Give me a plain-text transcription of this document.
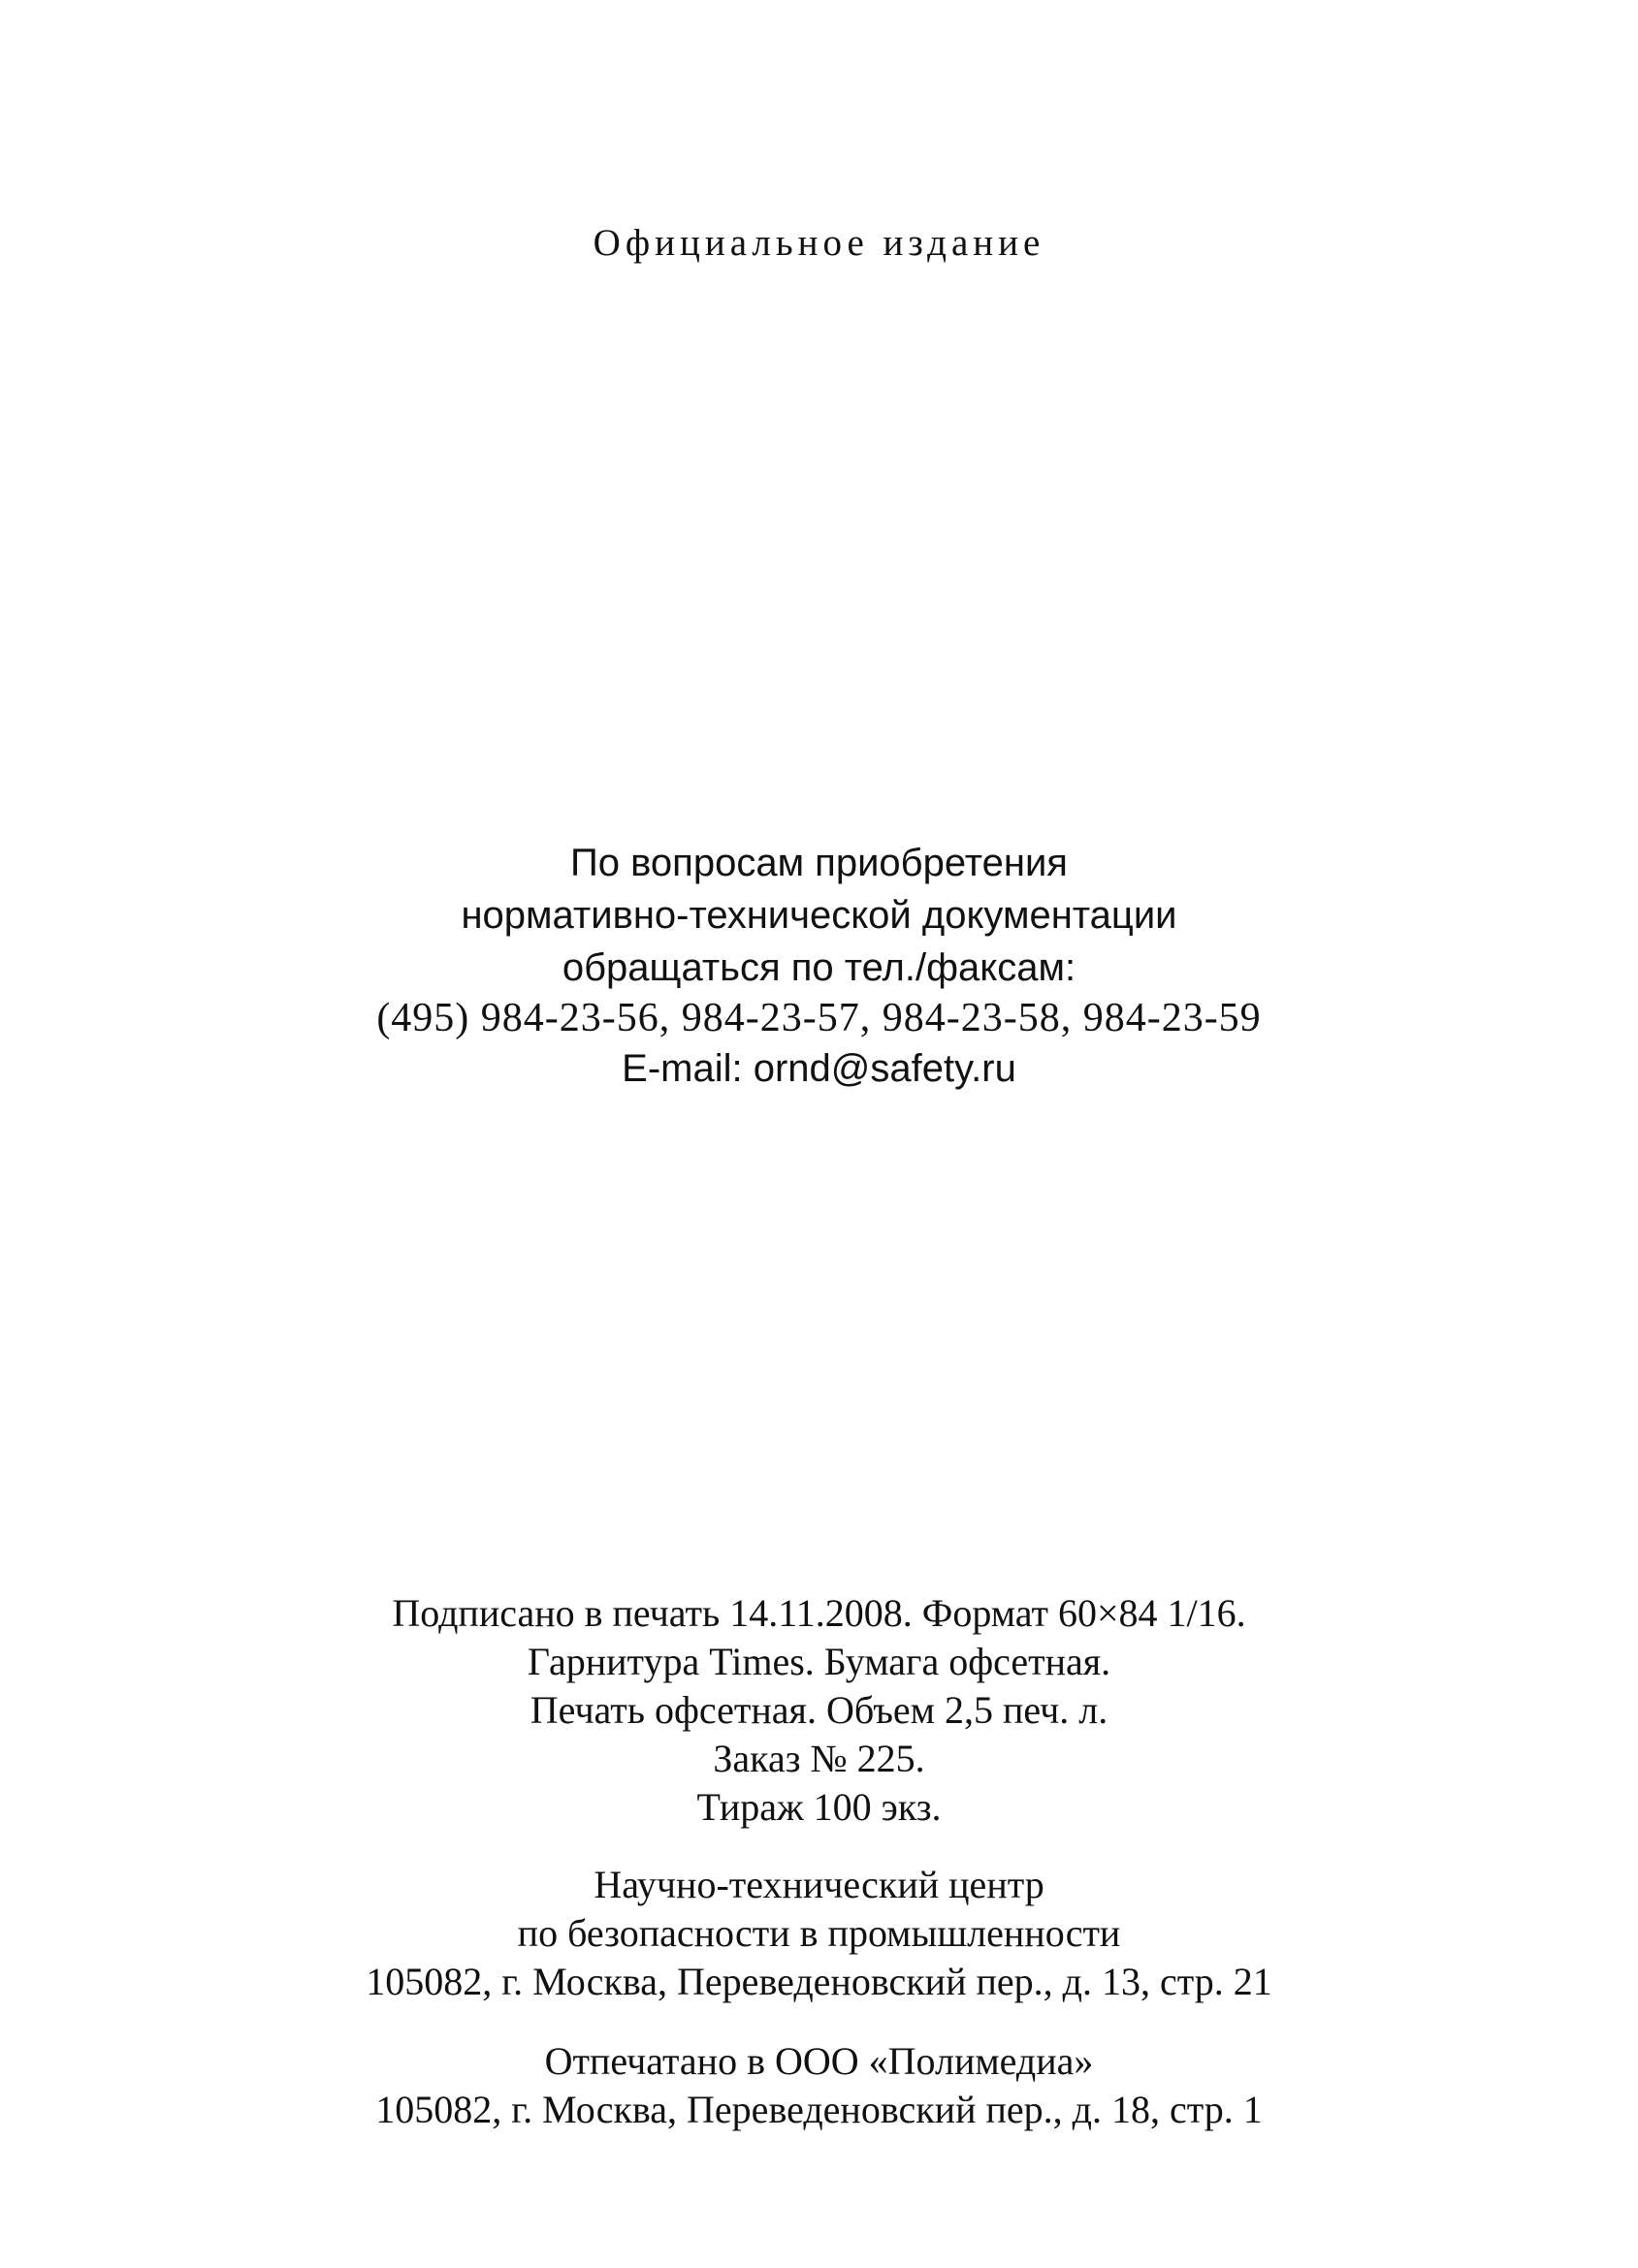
Официальное издание
По вопросам приобретения
нормативно-технической документации
обращаться по тел./факсам:
(495) 984-23-56, 984-23-57, 984-23-58, 984-23-59
E-mail: ornd@safety.ru
Подписано в печать 14.11.2008. Формат 60×84 1/16.
Гарнитура Times. Бумага офсетная.
Печать офсетная. Объем 2,5 печ. л.
Заказ № 225.
Тираж 100 экз.
Научно-технический центр
по безопасности в промышленности
105082, г. Москва, Переведеновский пер., д. 13, стр. 21
Отпечатано в ООО «Полимедиа»
105082, г. Москва, Переведеновский пер., д. 18, стр. 1
